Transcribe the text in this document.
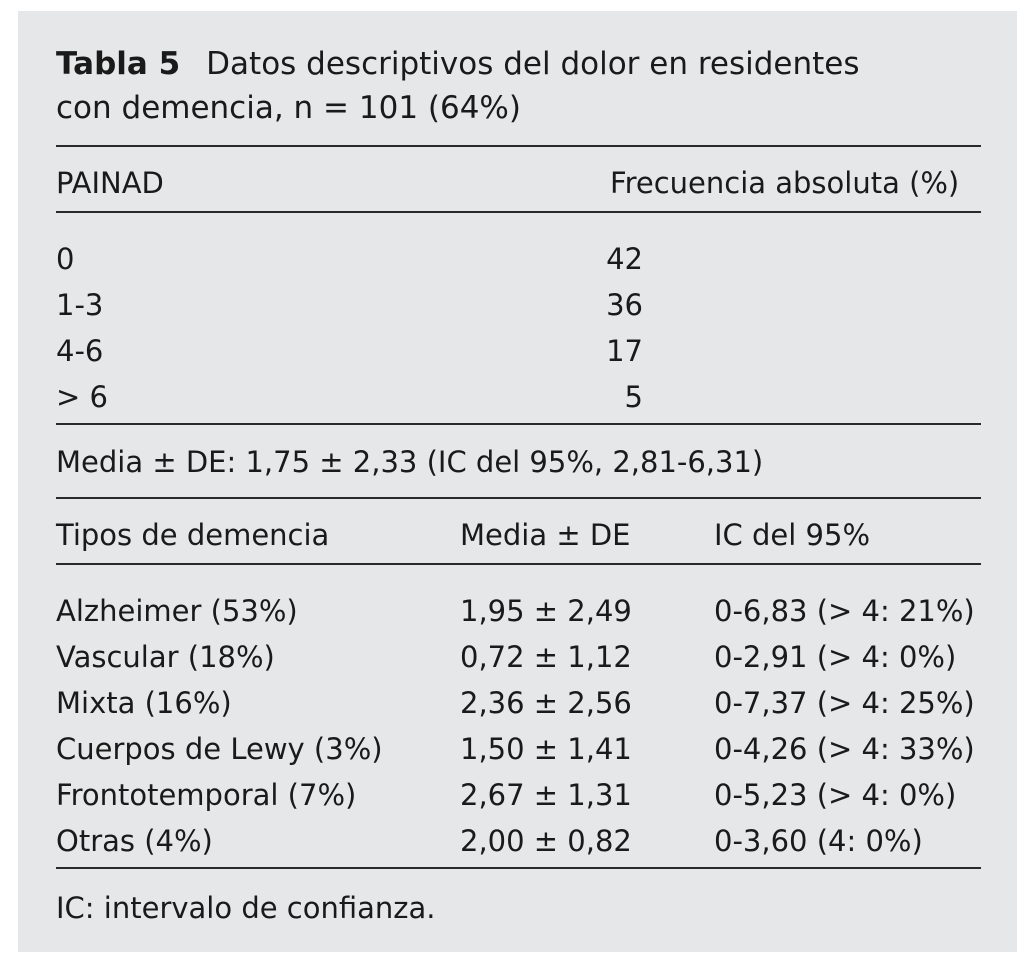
Tabla 5 Datos descriptivos del dolor en residentes
con demencia, n = 101 (64%)
PAINAD	Frecuencia absoluta (%)
0	42
1-3	36
4-6	17
> 6	5
Media ± DE: 1,75 ± 2,33 (IC del 95%, 2,81-6,31)
Tipos de demencia	Media ± DE	IC del 95%
Alzheimer (53%)	1,95 ± 2,49	0-6,83 (> 4: 21%)
Vascular (18%)	0,72 ± 1,12	0-2,91 (> 4: 0%)
Mixta (16%)	2,36 ± 2,56	0-7,37 (> 4: 25%)
Cuerpos de Lewy (3%)	1,50 ± 1,41	0-4,26 (> 4: 33%)
Frontotemporal (7%)	2,67 ± 1,31	0-5,23 (> 4: 0%)
Otras (4%)	2,00 ± 0,82	0-3,60 (4: 0%)
IC: intervalo de confianza.
